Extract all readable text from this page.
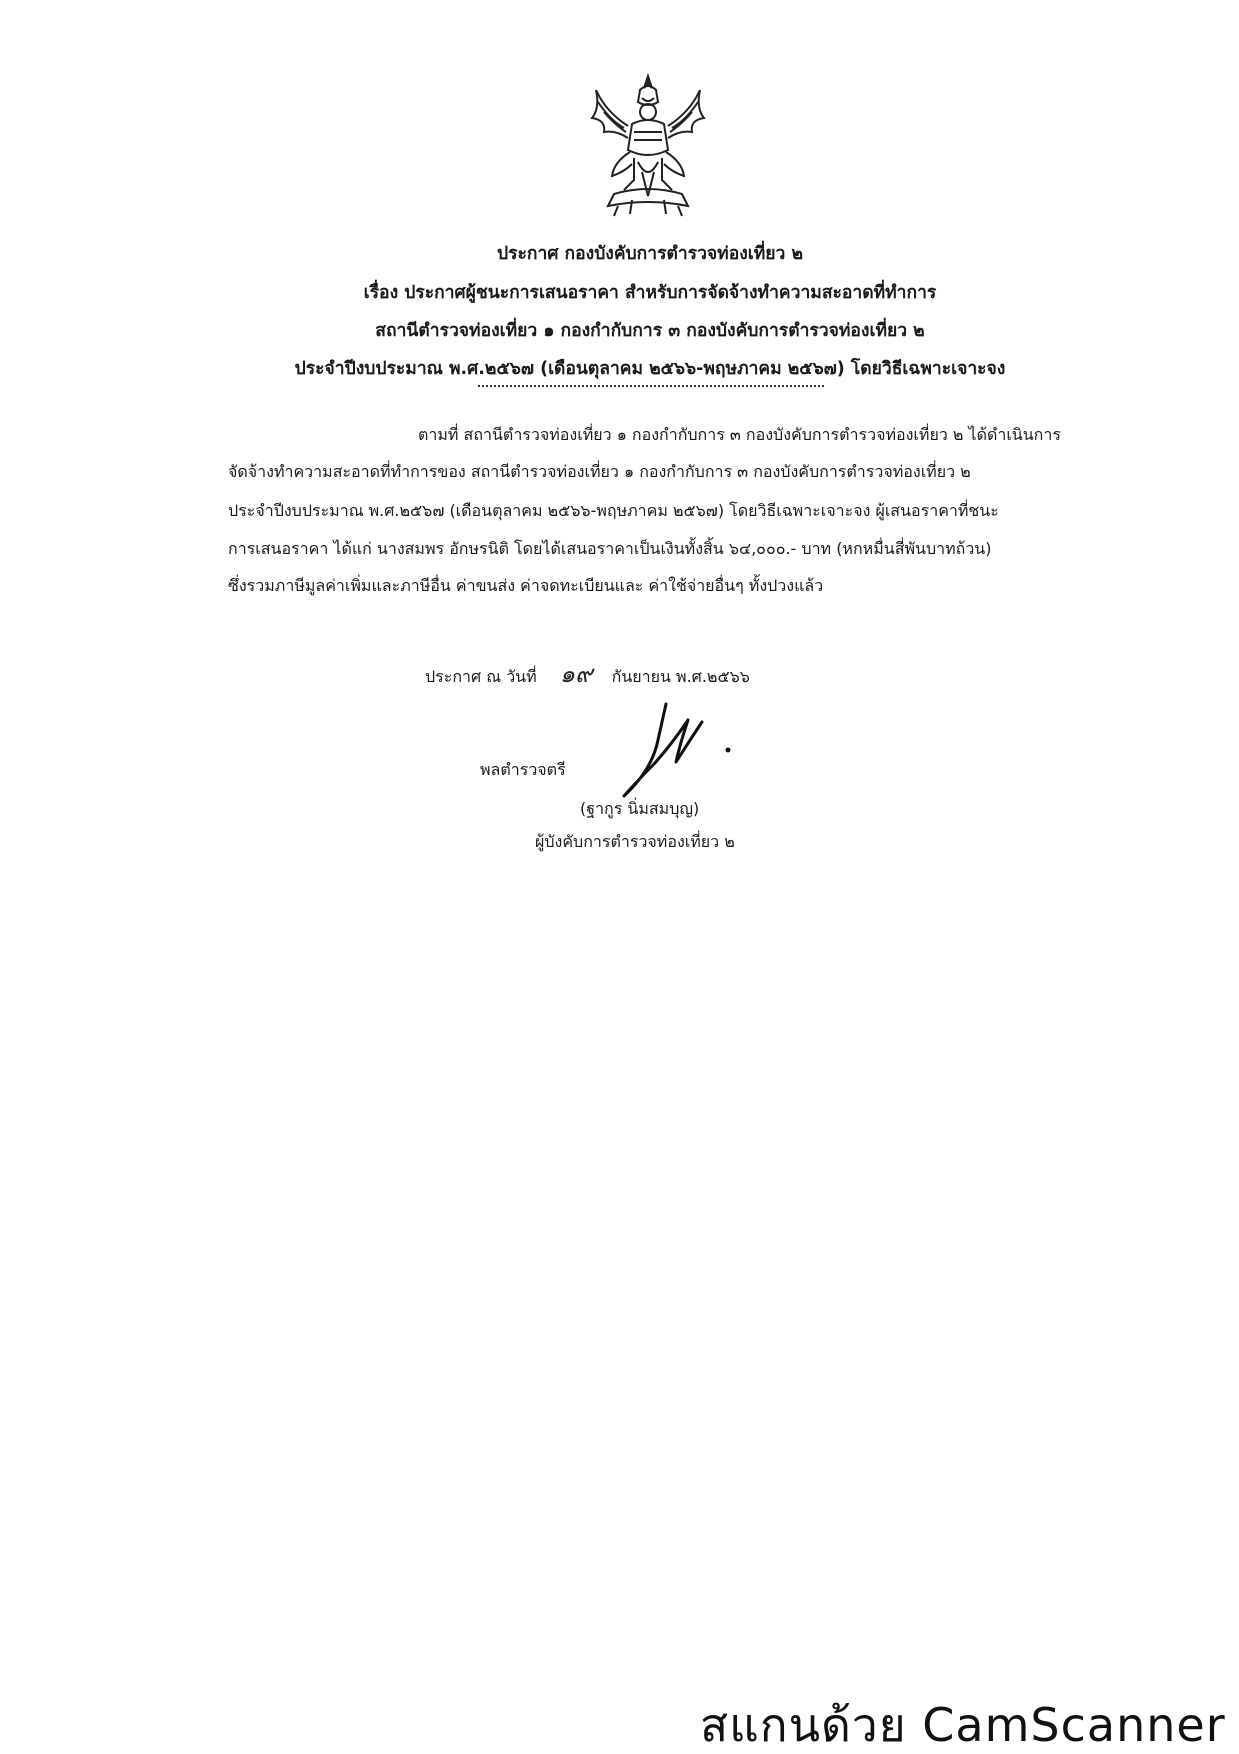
ประกาศ กองบังคับการตำรวจท่องเที่ยว ๒
เรื่อง ประกาศผู้ชนะการเสนอราคา สำหรับการจัดจ้างทำความสะอาดที่ทำการ
สถานีตำรวจท่องเที่ยว ๑ กองกำกับการ ๓ กองบังคับการตำรวจท่องเที่ยว ๒
ประจำปีงบประมาณ พ.ศ.๒๕๖๗ (เดือนตุลาคม ๒๕๖๖-พฤษภาคม ๒๕๖๗) โดยวิธีเฉพาะเจาะจง
ตามที่ สถานีตำรวจท่องเที่ยว ๑ กองกำกับการ ๓ กองบังคับการตำรวจท่องเที่ยว ๒ ได้ดำเนินการ
จัดจ้างทำความสะอาดที่ทำการของ สถานีตำรวจท่องเที่ยว ๑ กองกำกับการ ๓ กองบังคับการตำรวจท่องเที่ยว ๒
ประจำปีงบประมาณ พ.ศ.๒๕๖๗ (เดือนตุลาคม ๒๕๖๖-พฤษภาคม ๒๕๖๗) โดยวิธีเฉพาะเจาะจง ผู้เสนอราคาที่ชนะ
การเสนอราคา ได้แก่ นางสมพร อักษรนิติ โดยได้เสนอราคาเป็นเงินทั้งสิ้น ๖๔,๐๐๐.- บาท (หกหมื่นสี่พันบาทถ้วน)
ซึ่งรวมภาษีมูลค่าเพิ่มและภาษีอื่น ค่าขนส่ง ค่าจดทะเบียนและ ค่าใช้จ่ายอื่นๆ ทั้งปวงแล้ว
ประกาศ ณ วันที่ ๑๙ กันยายน พ.ศ.๒๕๖๖
พลตำรวจตรี
(ฐากูร นิ่มสมบุญ)
ผู้บังคับการตำรวจท่องเที่ยว ๒
สแกนด้วย CamScanner
